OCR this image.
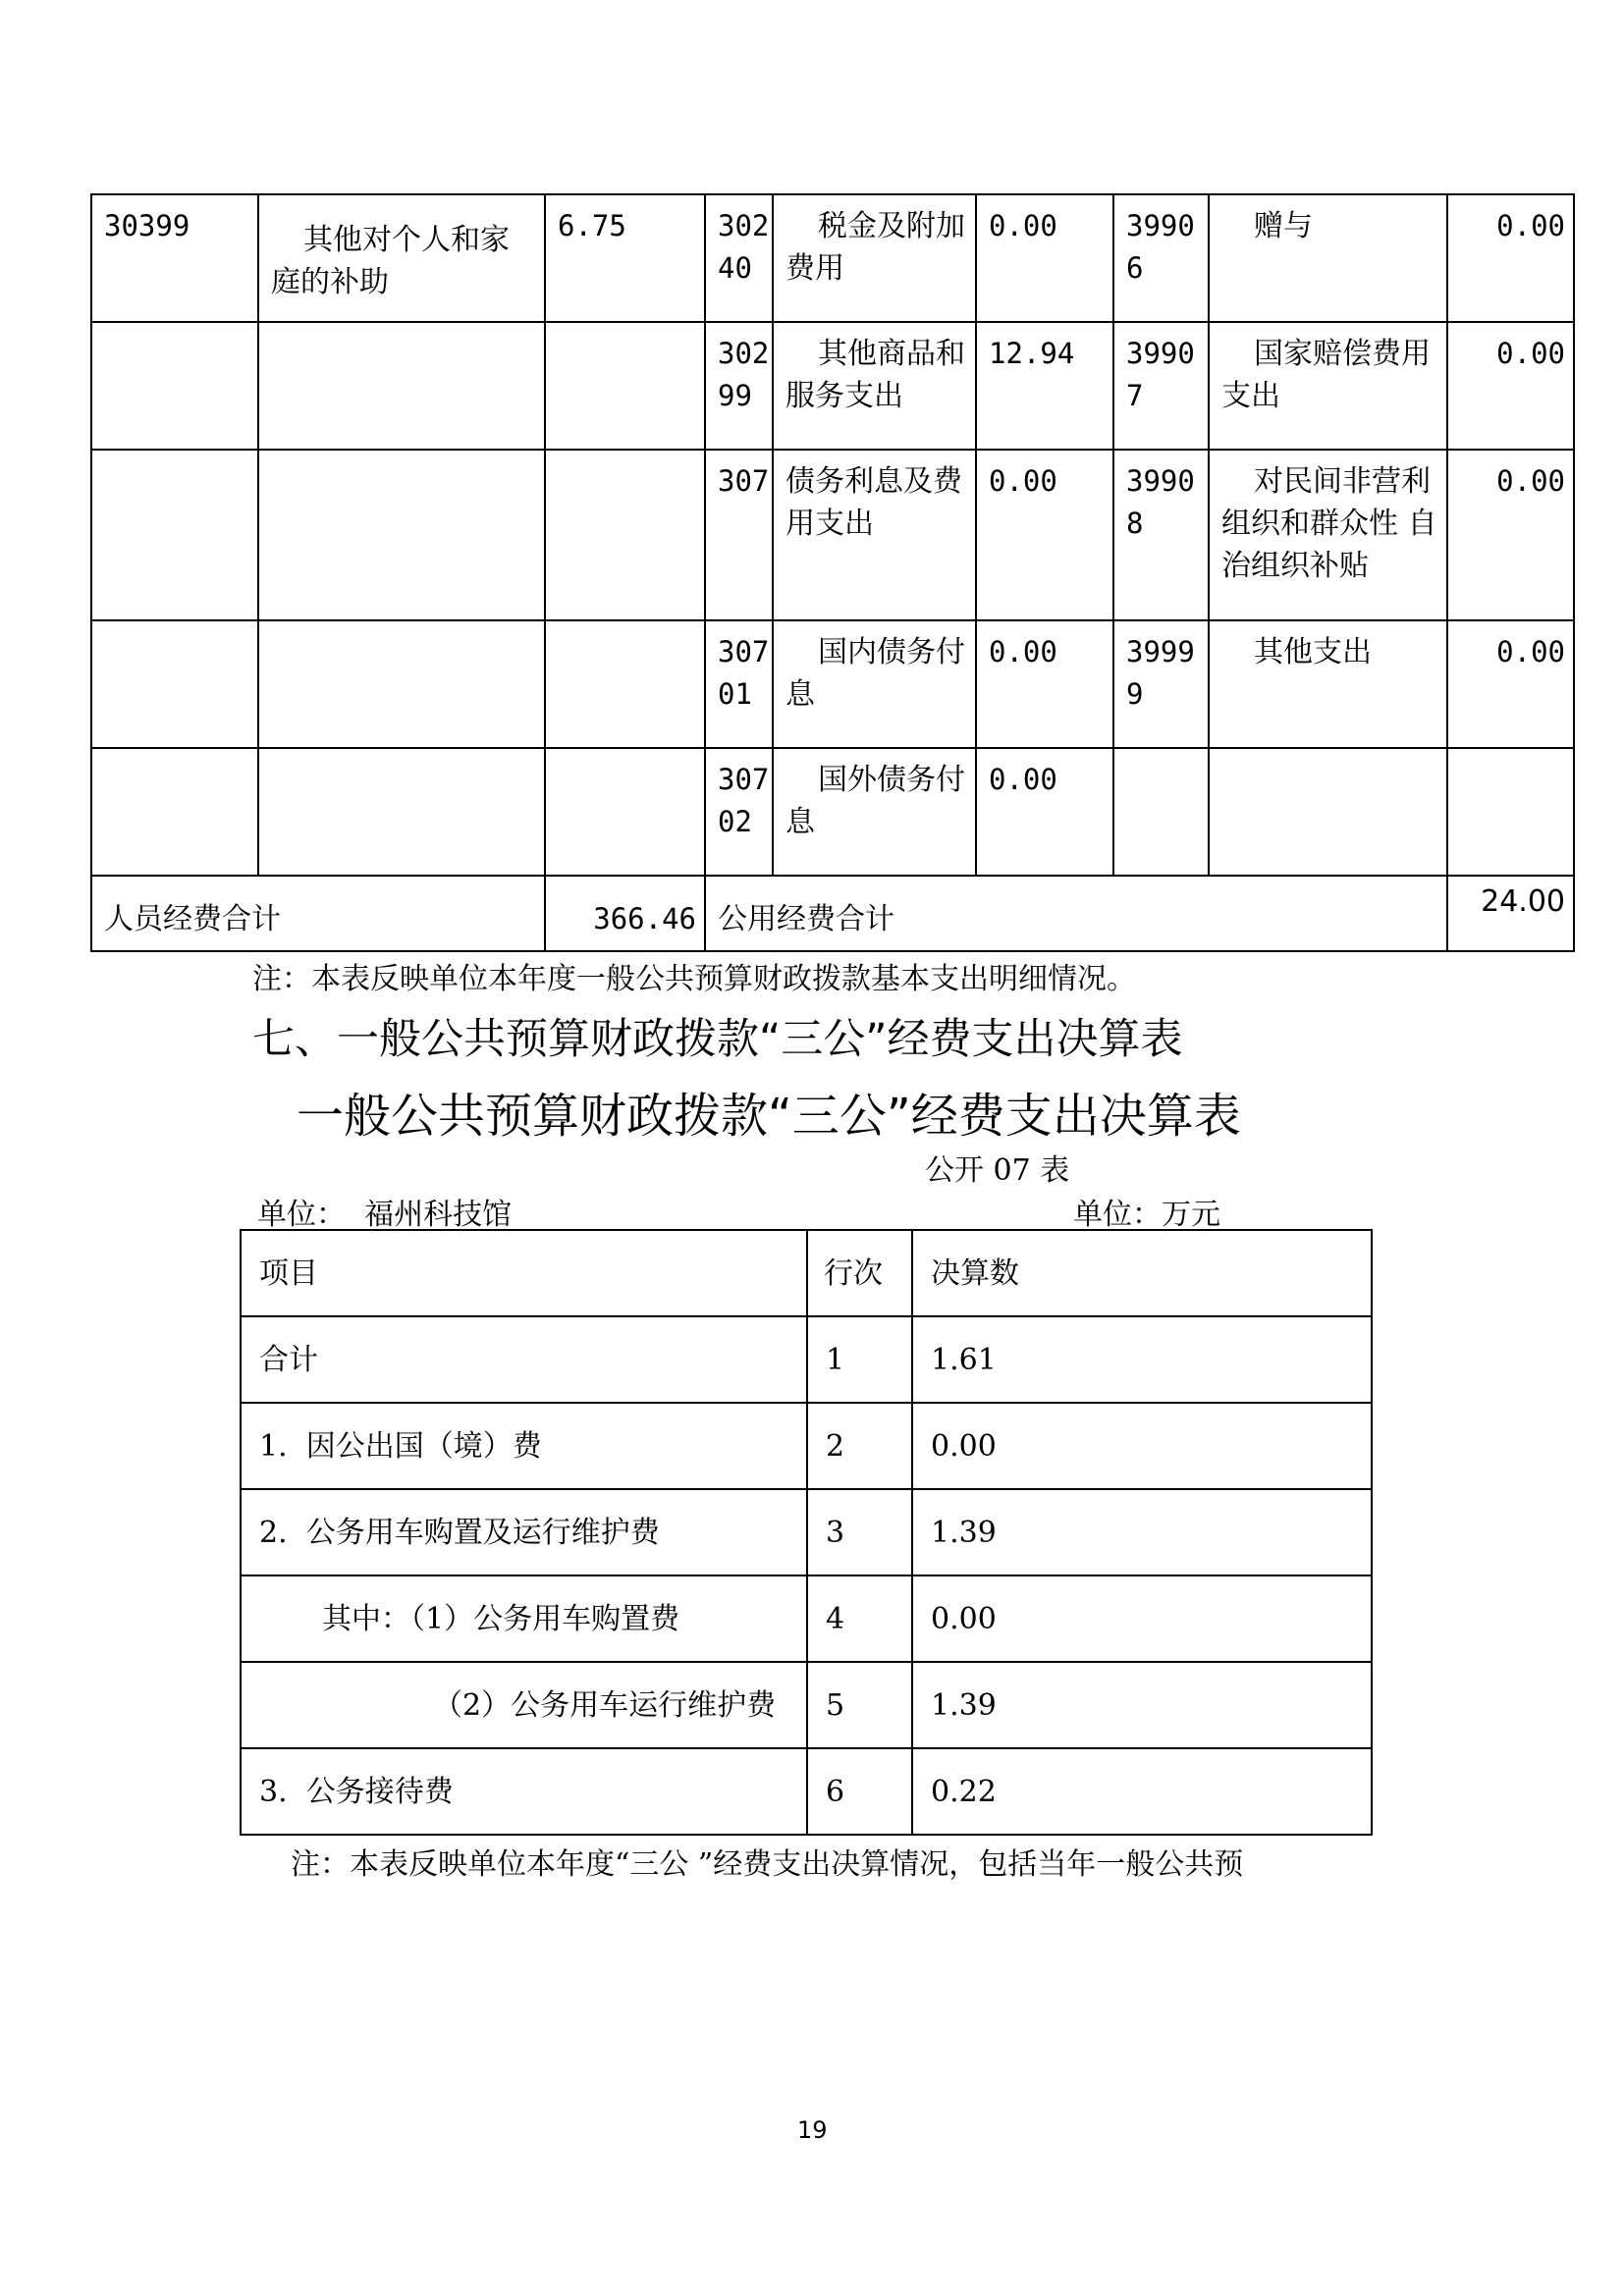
30399	其他对个人和家庭的补助	6.75	30240	税金及附加费用	0.00	39906	赠与	0.00
			30299	其他商品和服务支出	12.94	39907	国家赔偿费用支出	0.00
			307	债务利息及费用支出	0.00	39908	对民间非营利组织和群众性 自治组织补贴	0.00
			30701	国内债务付息	0.00	39999	其他支出	0.00
			30702	国外债务付息	0.00			
人员经费合计		366.46	公用经费合计					24.00
注：本表反映单位本年度一般公共预算财政拨款基本支出明细情况。
七、一般公共预算财政拨款“三公”经费支出决算表
一般公共预算财政拨款“三公”经费支出决算表
公开 07 表
单位：  福州科技馆	单位：万元
项目	行次	决算数
合计	1	1.61
1.  因公出国（境）费	2	0.00
2.  公务用车购置及运行维护费	3	1.39
其中：（1）公务用车购置费	4	0.00
（2）公务用车运行维护费	5	1.39
3.  公务接待费	6	0.22
注：本表反映单位本年度“三公 ”经费支出决算情况，包括当年一般公共预
19
